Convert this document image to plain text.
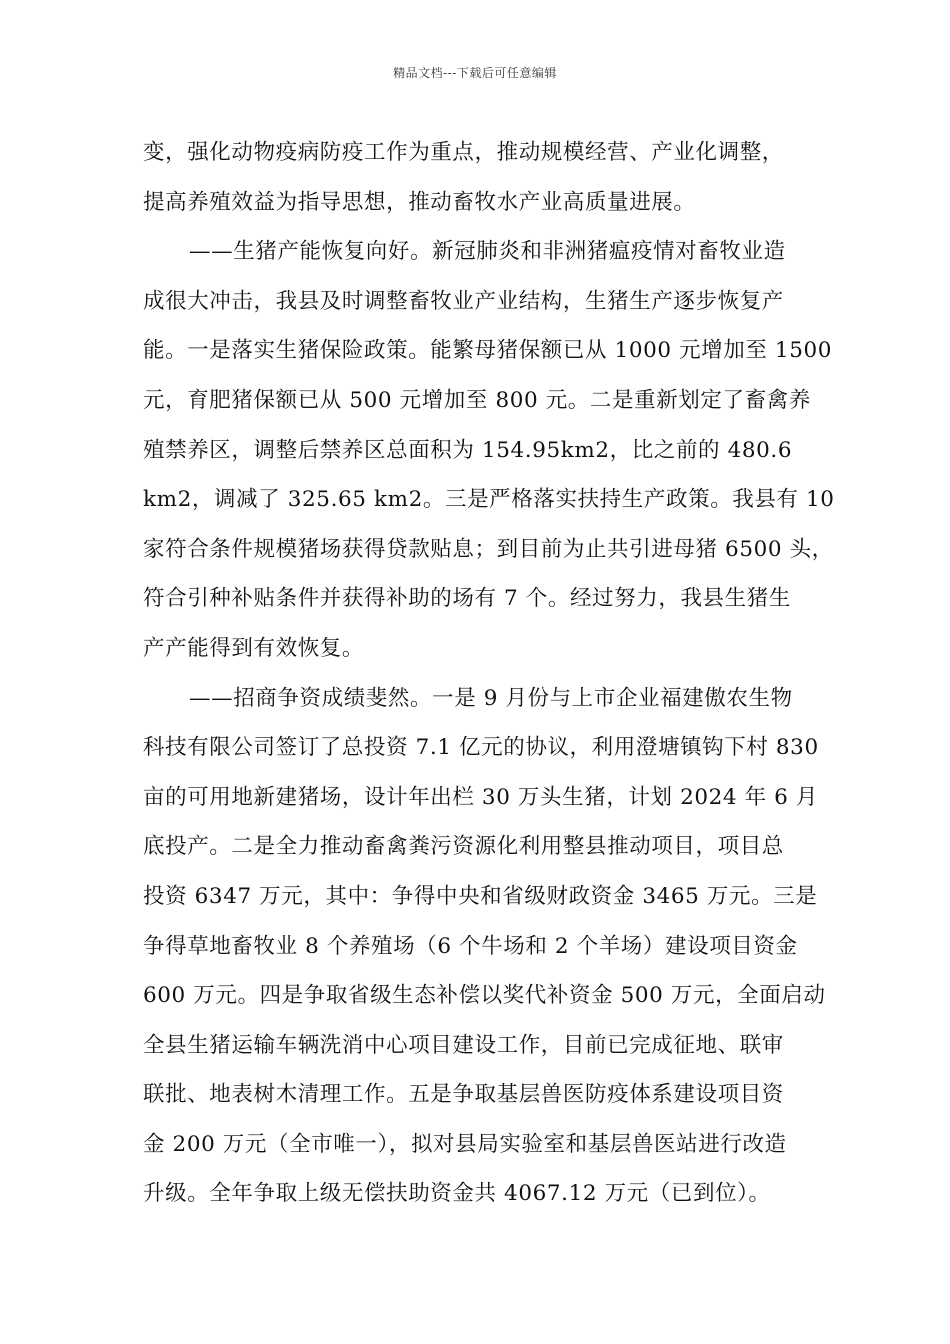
精品文档---下载后可任意编辑
变，强化动物疫病防疫工作为重点，推动规模经营、产业化调整，
提高养殖效益为指导思想，推动畜牧水产业高质量进展。
——生猪产能恢复向好。新冠肺炎和非洲猪瘟疫情对畜牧业造
成很大冲击，我县及时调整畜牧业产业结构，生猪生产逐步恢复产
能。一是落实生猪保险政策。能繁母猪保额已从 1000 元增加至 1500
元，育肥猪保额已从 500 元增加至 800 元。二是重新划定了畜禽养
殖禁养区，调整后禁养区总面积为 154.95km2，比之前的 480.6
km2，调减了 325.65 km2。三是严格落实扶持生产政策。我县有 10
家符合条件规模猪场获得贷款贴息；到目前为止共引进母猪 6500 头，
符合引种补贴条件并获得补助的场有 7 个。经过努力，我县生猪生
产产能得到有效恢复。
——招商争资成绩斐然。一是 9 月份与上市企业福建傲农生物
科技有限公司签订了总投资 7.1 亿元的协议，利用澄塘镇钩下村 830
亩的可用地新建猪场，设计年出栏 30 万头生猪，计划 2024 年 6 月
底投产。二是全力推动畜禽粪污资源化利用整县推动项目，项目总
投资 6347 万元，其中：争得中央和省级财政资金 3465 万元。三是
争得草地畜牧业 8 个养殖场（6 个牛场和 2 个羊场）建设项目资金
600 万元。四是争取省级生态补偿以奖代补资金 500 万元，全面启动
全县生猪运输车辆洗消中心项目建设工作，目前已完成征地、联审
联批、地表树木清理工作。五是争取基层兽医防疫体系建设项目资
金 200 万元（全市唯一），拟对县局实验室和基层兽医站进行改造
升级。全年争取上级无偿扶助资金共 4067.12 万元（已到位）。
